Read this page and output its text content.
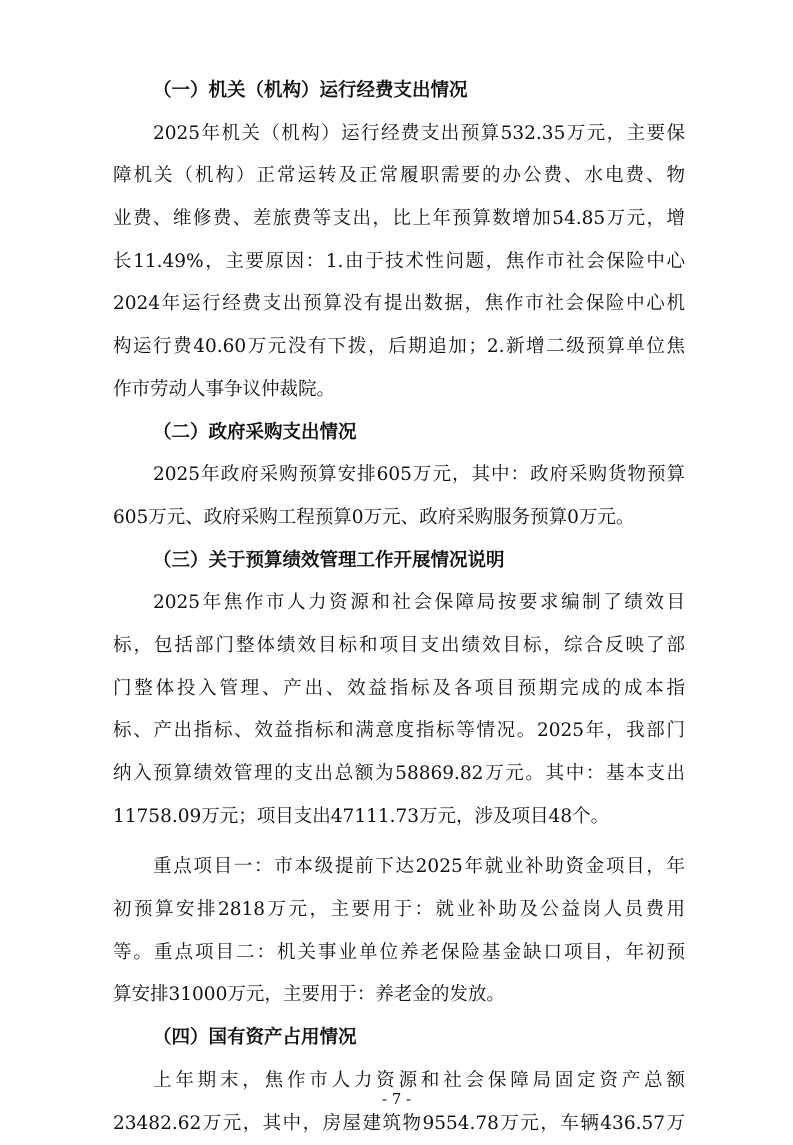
（一）机关（机构）运行经费支出情况
2025年机关（机构）运行经费支出预算532.35万元，主要保
障机关（机构）正常运转及正常履职需要的办公费、水电费、物
业费、维修费、差旅费等支出，比上年预算数增加54.85万元，增
长11.49%，主要原因：1.由于技术性问题，焦作市社会保险中心
2024年运行经费支出预算没有提出数据，焦作市社会保险中心机
构运行费40.60万元没有下拨，后期追加；2.新增二级预算单位焦
作市劳动人事争议仲裁院。
（二）政府采购支出情况
2025年政府采购预算安排605万元，其中：政府采购货物预算
605万元、政府采购工程预算0万元、政府采购服务预算0万元。
（三）关于预算绩效管理工作开展情况说明
2025年焦作市人力资源和社会保障局按要求编制了绩效目
标，包括部门整体绩效目标和项目支出绩效目标，综合反映了部
门整体投入管理、产出、效益指标及各项目预期完成的成本指
标、产出指标、效益指标和满意度指标等情况。2025年，我部门
纳入预算绩效管理的支出总额为58869.82万元。其中：基本支出
11758.09万元；项目支出47111.73万元，涉及项目48个。
重点项目一：市本级提前下达2025年就业补助资金项目，年
初预算安排2818万元，主要用于：就业补助及公益岗人员费用
等。重点项目二：机关事业单位养老保险基金缺口项目，年初预
算安排31000万元，主要用于：养老金的发放。
（四）国有资产占用情况
上年期末，焦作市人力资源和社会保障局固定资产总额
23482.62万元，其中，房屋建筑物9554.78万元，车辆436.57万
- 7 -
